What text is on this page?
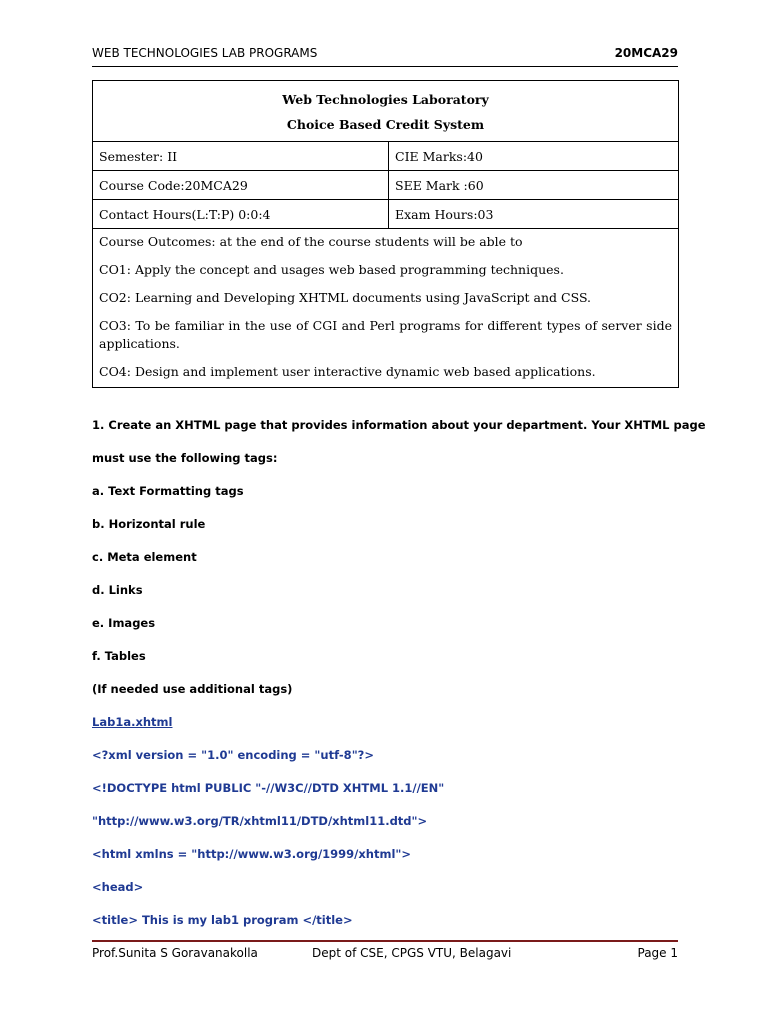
WEB TECHNOLOGIES LAB PROGRAMS	20MCA29
Web Technologies Laboratory
Choice Based Credit System	

Semester: II	CIE Marks:40
Course Code:20MCA29	SEE Mark :60
Contact Hours(L:T:P) 0:0:4	Exam Hours:03

Course Outcomes: at the end of the course students will be able to

CO1: Apply the concept and usages web based programming techniques.

CO2: Learning and Developing XHTML documents using JavaScript and CSS.

CO3: To be familiar in the use of CGI and Perl programs for different types of server side applications.

CO4: Design and implement user interactive dynamic web based applications.	

1. Create an XHTML page that provides information about your department. Your XHTML page
must use the following tags:
a. Text Formatting tags
b. Horizontal rule
c. Meta element
d. Links
e. Images
f. Tables
(If needed use additional tags)
Lab1a.xhtml
<?xml version = "1.0" encoding = "utf-8"?>
<!DOCTYPE html PUBLIC "-//W3C//DTD XHTML 1.1//EN"
"http://www.w3.org/TR/xhtml11/DTD/xhtml11.dtd">
<html xmlns = "http://www.w3.org/1999/xhtml">
<head>
<title> This is my lab1 program </title>
Prof.Sunita S Goravanakolla	Dept of CSE, CPGS VTU, Belagavi	Page 1
